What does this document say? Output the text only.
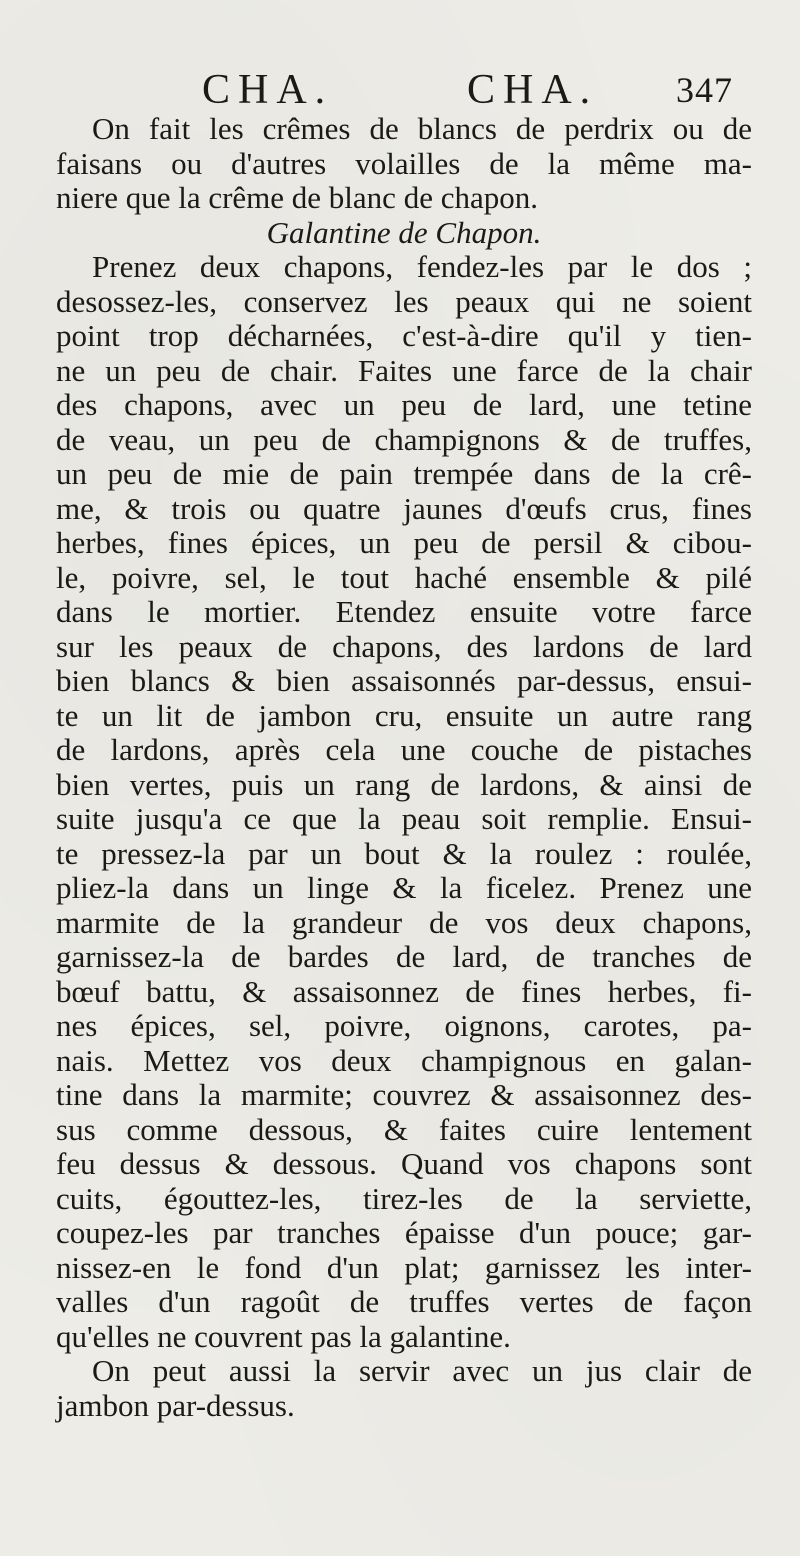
CHA.	CHA. 347
On fait les crêmes de blancs de perdrix ou de
faisans ou d'autres volailles de la même ma-
niere que la crême de blanc de chapon.
Galantine de Chapon.
Prenez deux chapons, fendez-les par le dos ;
desossez-les, conservez les peaux qui ne soient
point trop décharnées, c'est-à-dire qu'il y tien-
ne un peu de chair. Faites une farce de la chair
des chapons, avec un peu de lard, une tetine
de veau, un peu de champignons & de truffes,
un peu de mie de pain trempée dans de la crê-
me, & trois ou quatre jaunes d'œufs crus, fines
herbes, fines épices, un peu de persil & cibou-
le, poivre, sel, le tout haché ensemble & pilé
dans le mortier. Etendez ensuite votre farce
sur les peaux de chapons, des lardons de lard
bien blancs & bien assaisonnés par-dessus, ensui-
te un lit de jambon cru, ensuite un autre rang
de lardons, après cela une couche de pistaches
bien vertes, puis un rang de lardons, & ainsi de
suite jusqu'a ce que la peau soit remplie. Ensui-
te pressez-la par un bout & la roulez : roulée,
pliez-la dans un linge & la ficelez. Prenez une
marmite de la grandeur de vos deux chapons,
garnissez-la de bardes de lard, de tranches de
bœuf battu, & assaisonnez de fines herbes, fi-
nes épices, sel, poivre, oignons, carotes, pa-
nais. Mettez vos deux champignous en galan-
tine dans la marmite; couvrez & assaisonnez des-
sus comme dessous, & faites cuire lentement
feu dessus & dessous. Quand vos chapons sont
cuits, égouttez-les, tirez-les de la serviette,
coupez-les par tranches épaisse d'un pouce; gar-
nissez-en le fond d'un plat; garnissez les inter-
valles d'un ragoût de truffes vertes de façon
qu'elles ne couvrent pas la galantine.
On peut aussi la servir avec un jus clair de
jambon par-dessus.
